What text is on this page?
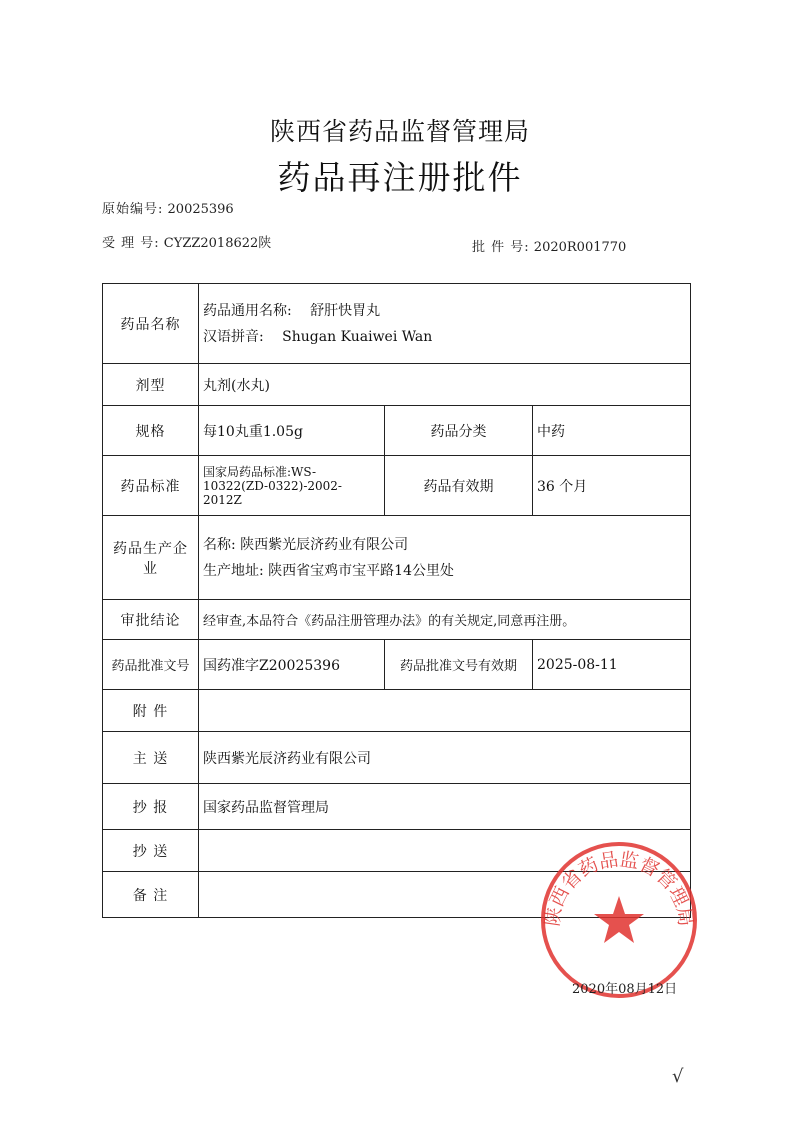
陕西省药品监督管理局
药品再注册批件
原始编号: 20025396
受 理 号: CYZZ2018622陕	批 件 号: 2020R001770
药品名称	药品通用名称: 舒肝快胃丸
汉语拼音: Shugan Kuaiwei Wan		

剂型	丸剂(水丸)		
规格	每10丸重1.05g	药品分类	中药
药品标准	国家局药品标准:WS-
10322(ZD-0322)-2002-
2012Z	药品有效期	36 个月
药品生产企业	名称: 陕西紫光辰济药业有限公司
生产地址: 陕西省宝鸡市宝平路14公里处		

审批结论	经审查,本品符合《药品注册管理办法》的有关规定,同意再注册。		
药品批准文号	国药准字Z20025396	药品批准文号有效期	2025-08-11
附 件			
主 送	陕西紫光辰济药业有限公司		
抄 报	国家药品监督管理局		
抄 送			
备 注			
陕西省药品监督管理局
2020年08月12日
√
